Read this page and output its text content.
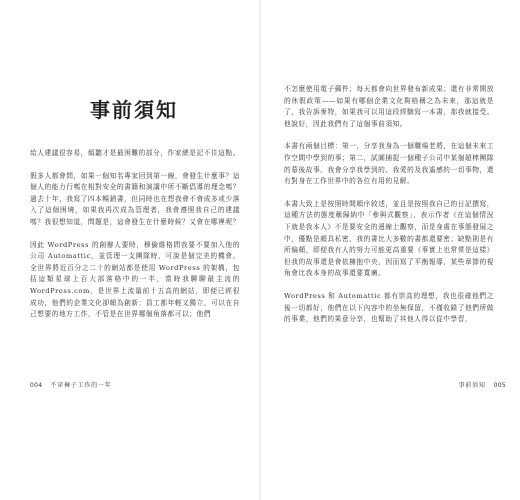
事前須知

給人建議很容易，傾聽才是最困難的部分，作家總是記不住這點。

假多人都會問，如果一個知名專家回到第一線，會發生什麼事？這個人的能力行嗎在相對安全的書籍和演講中所不斷倡導的理念嗎？過去十年，我寫了四本暢銷書，但同時也在想我會不會成多或少落入了這個困境，如果我再次成為管理者，我會遵照我自己的建議嗎？我很想知道，問題是，這會發生在什麼時候？又會在哪裡呢？

因此 WordPress 的創辦人要時，穆倫維格問我要不要加入他的公司 Automattic，並管理一支團隊時，可說是個完美的機會。全世界將近百分之二十的網站都是使用 WordPress 的架構，包括這類星球上百大部落格中的一半，當時我聊聊最主流的 WordPress.com，是世界上流量前十五高的網站，即便已經很成功，他們的企業文化卻頗為創新：員工都年輕又獨立，可以在自己想要的地方工作，不管是在世界哪個角落都可以；他們

004 不穿褲子工作的一年

不怎麼使用電子郵件；每天都會向世界發布新成果；還有非常開放的休假政策——如果有哪個企業文化夠格稱之為未來，那這就是了，我告訴麥特，如果我可以用這段經驗寫一本書，那我就接受。他說好，因此我們有了這個事前須知。

本書有兩個目標：第一，分享我身為一個職場老將，在這個未來工作空間中學到的事；第二，試圖捕捉一個種子公司中某個超棒團隊的幕後故事。我會分享我學到的、我愛的及我遙感的一切事物，還有對身在工作世界中的各位有用的見解。

本書大致上是按照時間順序敘述，並且是按照我自己的日記撰寫，這種方法的態度稱歸納中「參與式觀察」，表示作者《在這個情況下就是我本人》不是要安全的邊線上觀察，而是身處在事態發展之中，優點是頗具私密，我的書比大多數的書都還要密；缺點則是有所偏頗，即便我有人的努力可能更高重要《事實上也常常是這樣》但我的故事還是會依擁抱中央，因而寫了平衡報導，某些章節的視角會比我本身的故事還要寬廣。

WordPress 和 Automattic 都有崇高的理想，我也很確他們之後一切都好，他們在以下內容中的坐無保留，不僅收錄了他們所做的事業，他們的果意分享，也幫助了其他人得以從中學習，

事前須知 005
